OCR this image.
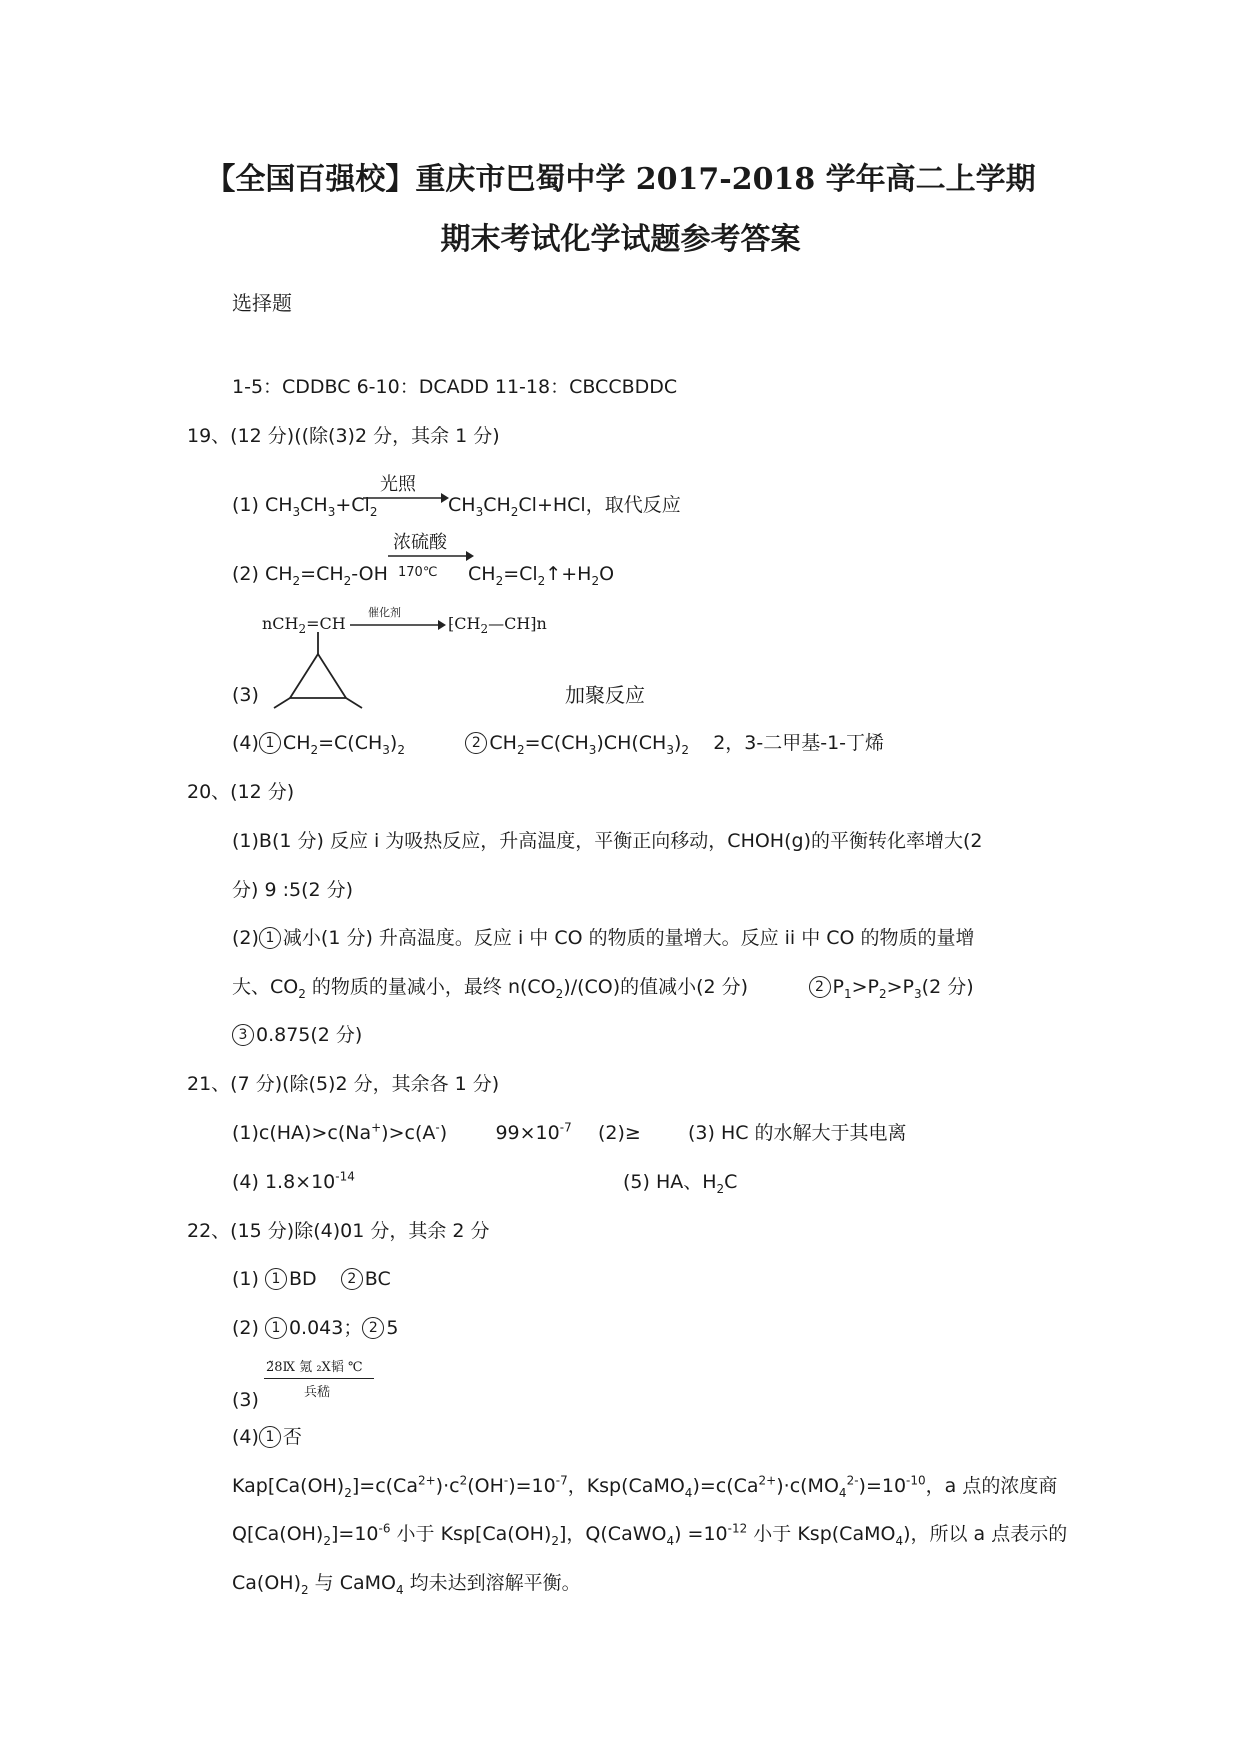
【全国百强校】重庆市巴蜀中学 2017-2018 学年高二上学期
期末考试化学试题参考答案
选择题
1-5：CDDBC 6-10：DCADD 11-18：CBCCBDDC
19、(12 分)((除(3)2 分，其余 1 分)
(1) $CH_3CH_3+Cl_2$
光照
$CH_3CH_2Cl+HCl$，取代反应
(2) $CH_2=CH_2-OH$
浓硫酸
170℃ $CH_2=Cl_2↑+H_2O$
nCH$_2$=CH
催化剂
$⁅CH_2—CH⁆n$
(3)	加聚反应
(4) 1 $CH_2=C(CH_3)_2$	2 $CH_2=C(CH_3)CH(CH_3)_2$ 2，3-二甲基-1-丁烯
20、(12 分)
(1)B(1 分) 反应 i 为吸热反应，升高温度，平衡正向移动，CHOH(g)的平衡转化率增大(2
分) 9 :5(2 分)
(2) 1 减小(1 分) 升高温度。反应 i 中 CO 的物质的量增大。反应 ii 中 CO 的物质的量增
大、$CO_2$ 的物质的量减小，最终 $n(CO_2)/(CO)$的值减小(2 分)          2 $P_1>P_2>P_3(2$ 分)
3 0.875(2 分)
21、(7 分)(除(5)2 分，其余各 1 分)
(1)c(HA)>c(Na+)>c(A-)        $99\times 10^{-7}$ (2)≥ (3) HC 的水解大于其电离
(4) $1.8\times 10^{-14}$	(5) HA、$H_2C$
22、(15 分)除(4)01 分，其余 2 分
(1) 1 BD    2 BC
(2) 1 0.043； 2 5
(3)
2̃8Ⅸ 氪 ₂Ⅹ韬 ℃
兵嵇
(4) 1 否
$Kap[Ca(OH)_2]=c(Ca^{2+})\cdot c^2(OH^-)=10^{-7}$，$Ksp(CaMO_4)=c(Ca^{2+})\cdot c(MO_4^{2-})=10^{-10}$，a 点的浓度商
$Q[Ca(OH)_2]=10^{-6}$ 小于 $Ksp[Ca(OH)_2]$，Q(CaWO$_4$) $=10^{-12}$ 小于 Ksp(CaMO$_4$)，所以 a 点表示的
$Ca(OH)_2$ 与 CaMO$_4$ 均未达到溶解平衡。
